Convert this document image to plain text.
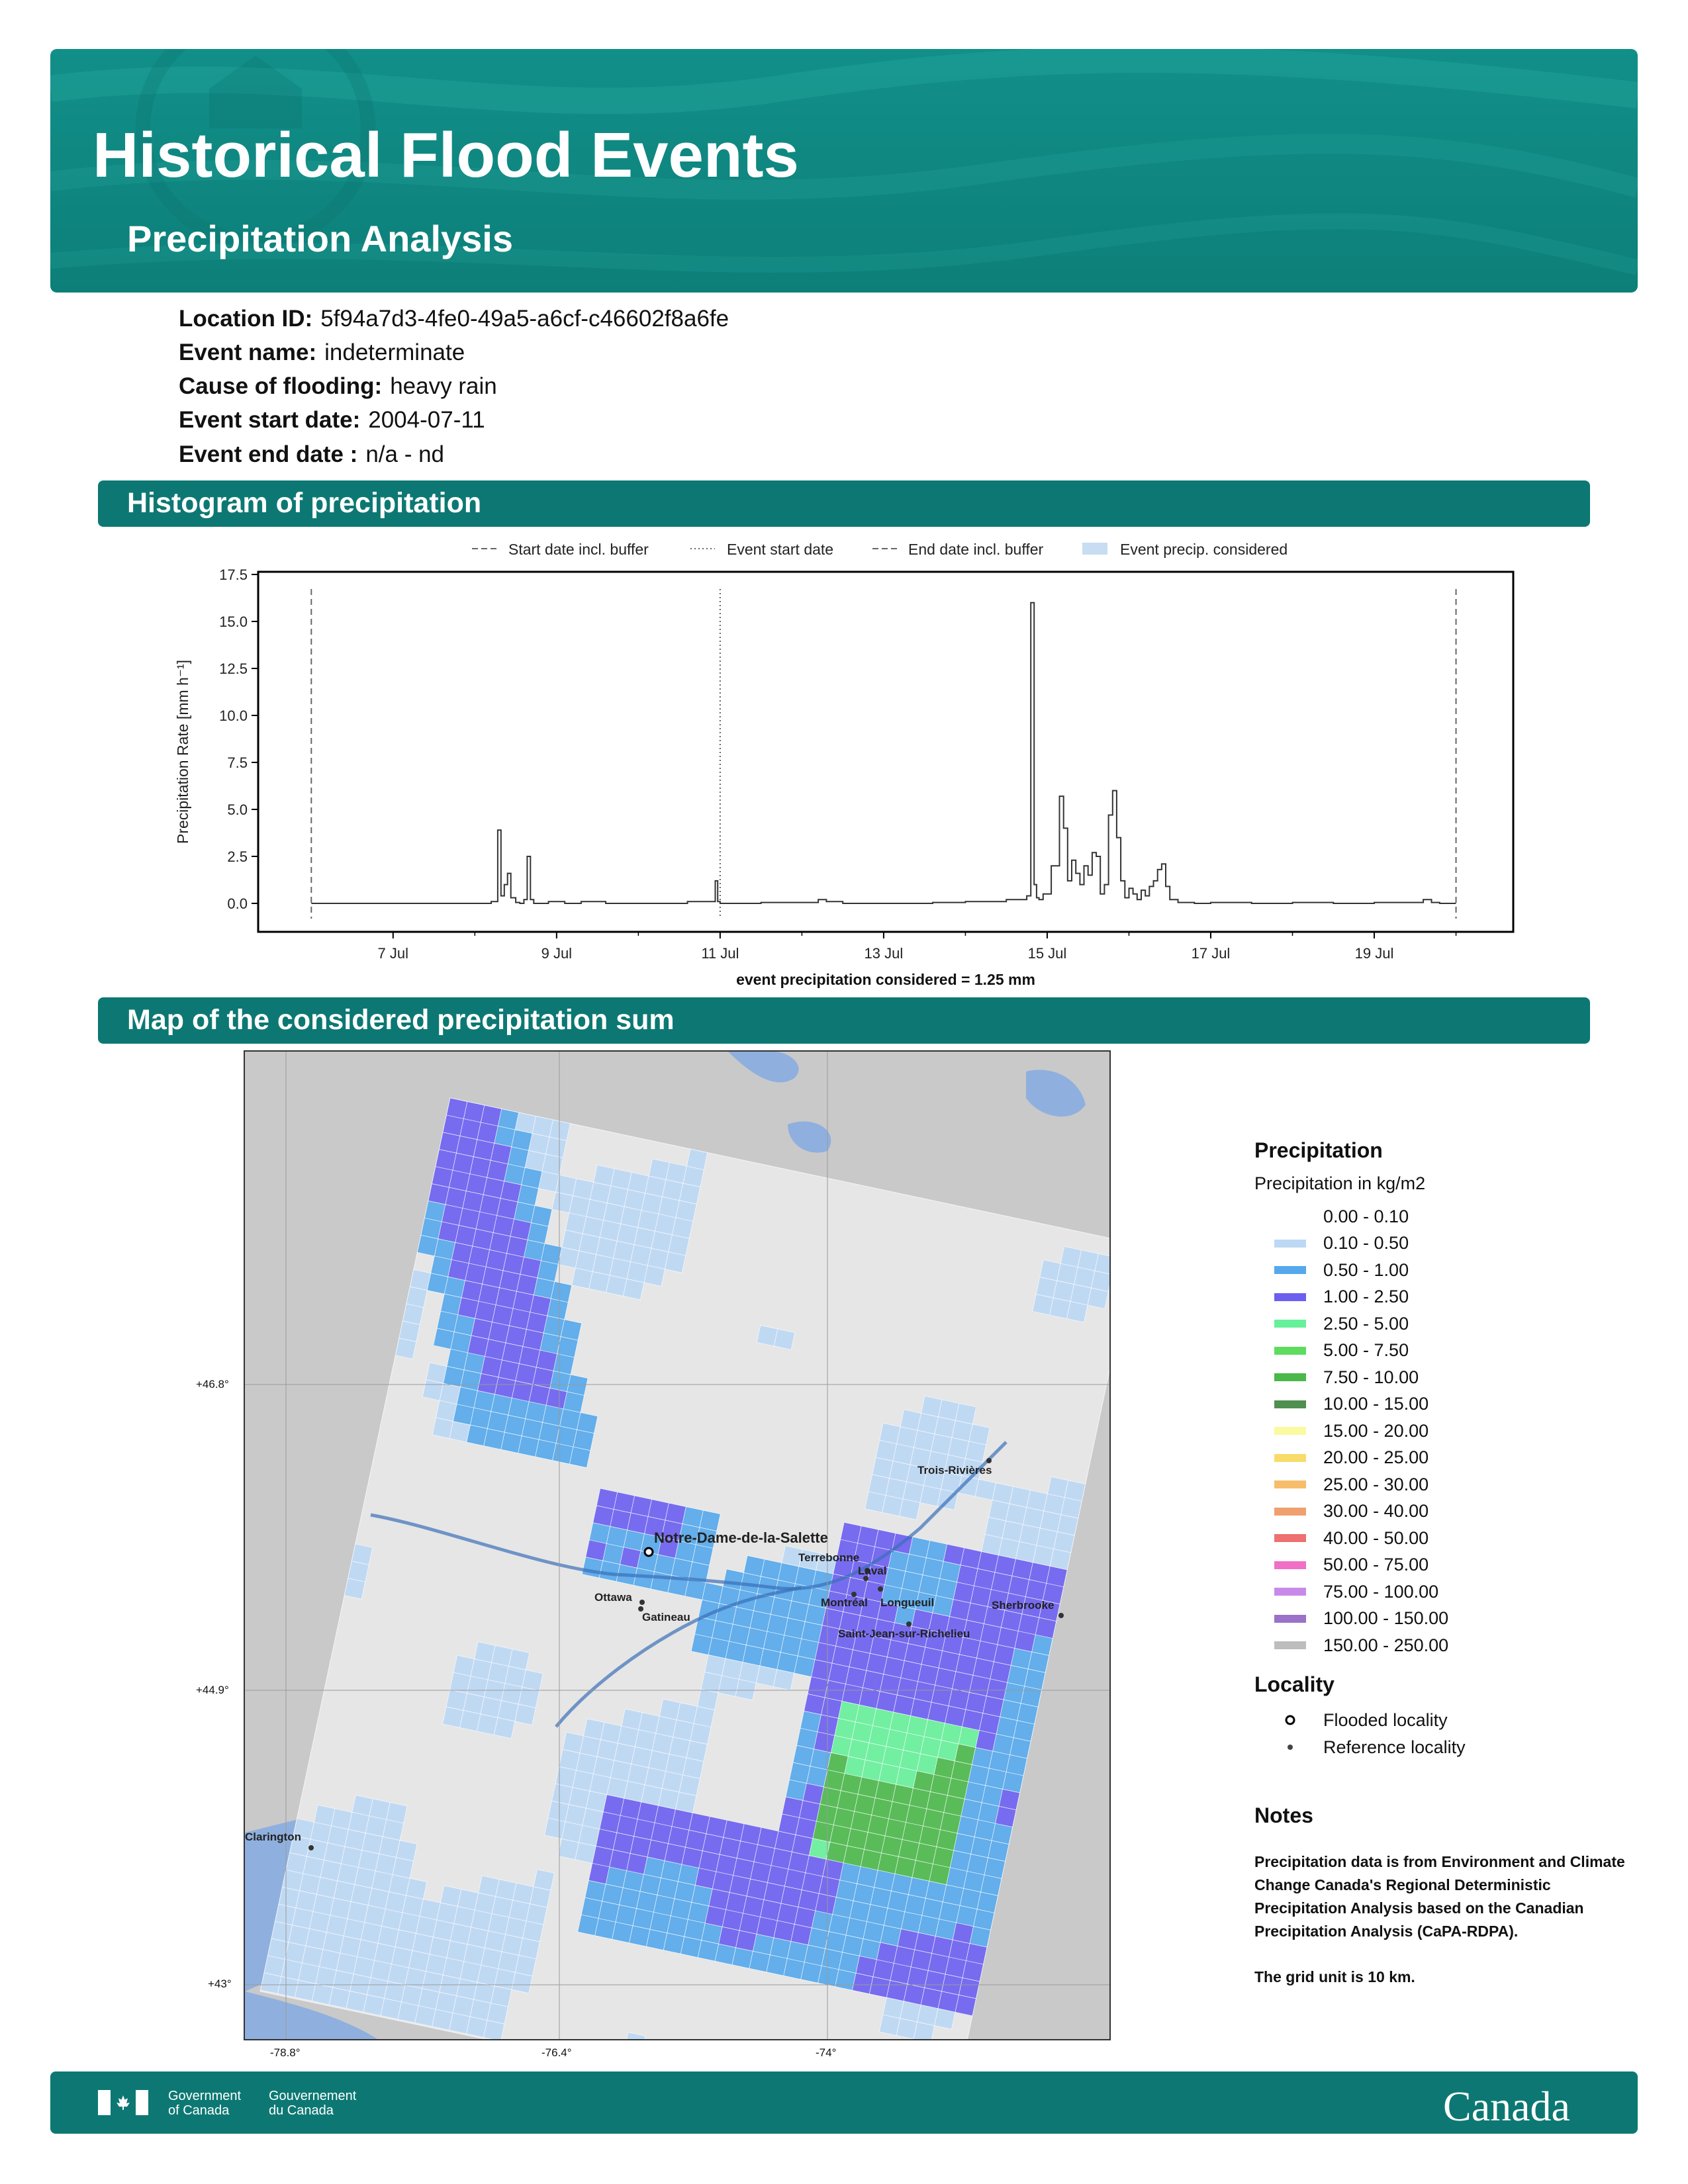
Historical Flood Events
Precipitation Analysis
Location ID: 5f94a7d3-4fe0-49a5-a6cf-c46602f8a6fe
Event name: indeterminate
Cause of flooding: heavy rain
Event start date: 2004-07-11
Event end date : n/a - nd
Histogram of precipitation
Start date incl. buffer	Event start date	End date incl. buffer	Event precip. considered
0.0
2.5
5.0
7.5
10.0
12.5
15.0
17.5
7 Jul	9 Jul	11 Jul	13 Jul	15 Jul	17 Jul	19 Jul
Precipitation Rate [mm h⁻¹]
event precipitation considered = 1.25 mm
Map of the considered precipitation sum
Notre-Dame-de-la-Salette
Trois-Rivières
Terrebonne
Laval
Ottawa
Gatineau
Montréal Longueuil
Saint-Jean-sur-Richelieu
Sherbrooke
Clarington
+46.8°
+44.9°
+43°
-78.8°	-76.4°	-74°
Precipitation
Precipitation in kg/m2
0.00 - 0.10
0.10 - 0.50
0.50 - 1.00
1.00 - 2.50
2.50 - 5.00
5.00 - 7.50
7.50 - 10.00
10.00 - 15.00
15.00 - 20.00
20.00 - 25.00
25.00 - 30.00
30.00 - 40.00
40.00 - 50.00
50.00 - 75.00
75.00 - 100.00
100.00 - 150.00
150.00 - 250.00
Locality
Flooded locality
Reference locality
Notes
Precipitation data is from Environment and Climate Change Canada's Regional Deterministic Precipitation Analysis based on the Canadian Precipitation Analysis (CaPA-RDPA).
The grid unit is 10 km.
Government
of Canada
Gouvernement
du Canada	Canada
